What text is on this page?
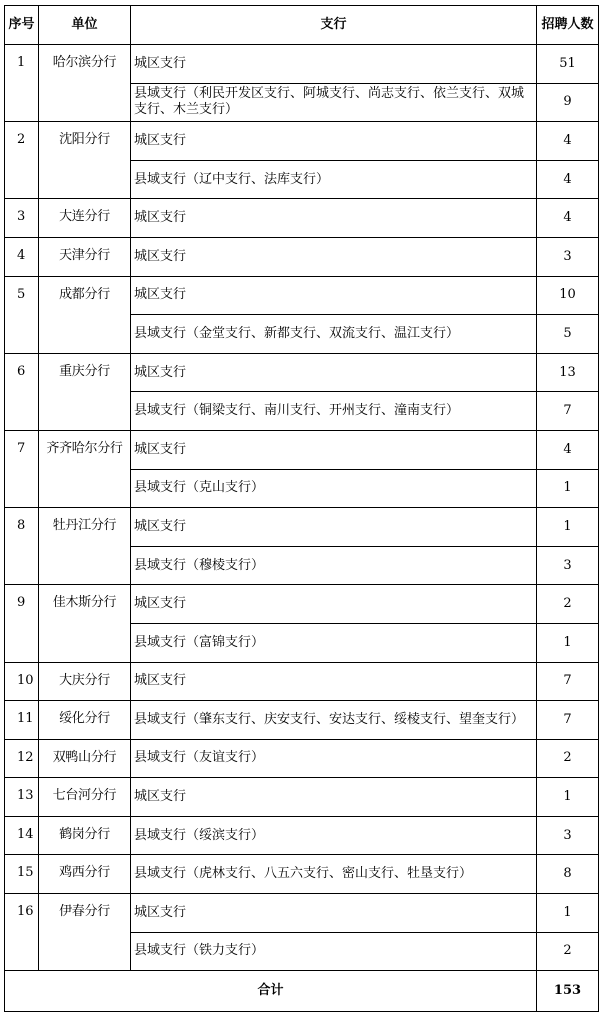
序号	单位	支行	招聘人数
1	哈尔滨分行	城区支行	51
		县域支行（利民开发区支行、阿城支行、尚志支行、依兰支行、双城支行、木兰支行）	9
2	沈阳分行	城区支行	4
		县域支行（辽中支行、法库支行）	4
3	大连分行	城区支行	4
4	天津分行	城区支行	3
5	成都分行	城区支行	10
		县域支行（金堂支行、新都支行、双流支行、温江支行）	5
6	重庆分行	城区支行	13
		县域支行（铜梁支行、南川支行、开州支行、潼南支行）	7
7	齐齐哈尔分行	城区支行	4
		县域支行（克山支行）	1
8	牡丹江分行	城区支行	1
		县域支行（穆棱支行）	3
9	佳木斯分行	城区支行	2
		县域支行（富锦支行）	1
10	大庆分行	城区支行	7
11	绥化分行	县域支行（肇东支行、庆安支行、安达支行、绥棱支行、望奎支行）	7
12	双鸭山分行	县域支行（友谊支行）	2
13	七台河分行	城区支行	1
14	鹤岗分行	县域支行（绥滨支行）	3
15	鸡西分行	县域支行（虎林支行、八五六支行、密山支行、牡垦支行）	8
16	伊春分行	城区支行	1
		县域支行（铁力支行）	2
合计			153
